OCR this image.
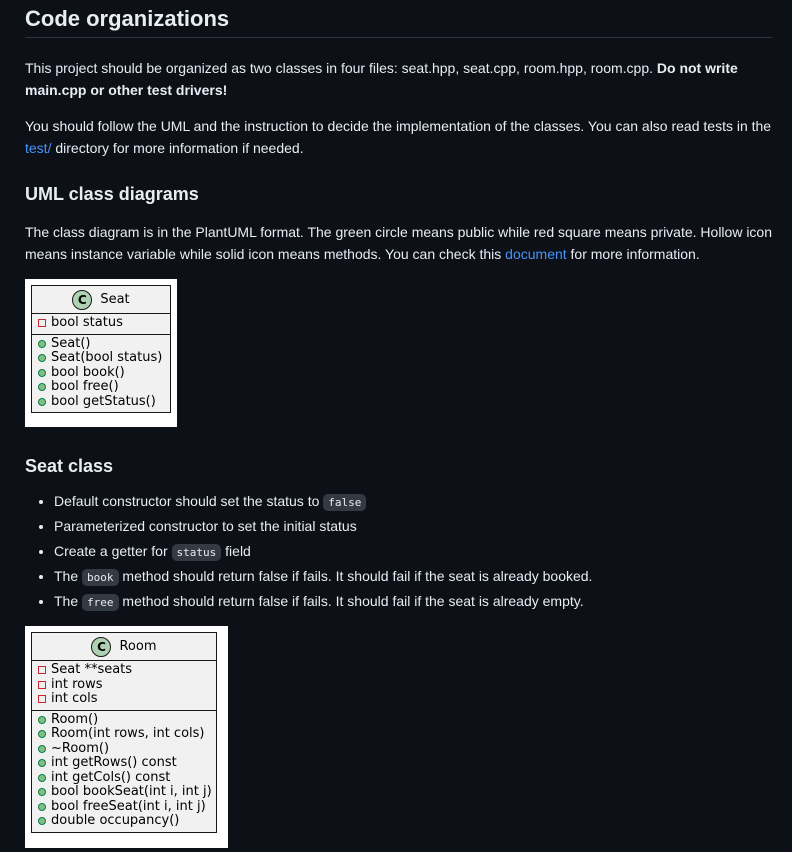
Code organizations

This project should be organized as two classes in four files: seat.hpp, seat.cpp, room.hpp, room.cpp. Do not write main.cpp or other test drivers!

You should follow the UML and the instruction to decide the implementation of the classes. You can also read tests in the test/ directory for more information if needed.

UML class diagrams

The class diagram is in the PlantUML format. The green circle means public while red square means private. Hollow icon means instance variable while solid icon means methods. You can check this document for more information.

C	Seat
bool status
Seat()
Seat(bool status)
bool book()
bool free()
bool getStatus()
Seat class
• Default constructor should set the status to false
• Parameterized constructor to set the initial status
• Create a getter for status field
• The book method should return false if fails. It should fail if the seat is already booked.
• The free method should return false if fails. It should fail if the seat is already empty.
C	Room
Seat **seats
int rows
int cols
Room()
Room(int rows, int cols)
~Room()
int getRows() const
int getCols() const
bool bookSeat(int i, int j)
bool freeSeat(int i, int j)
double occupancy()
